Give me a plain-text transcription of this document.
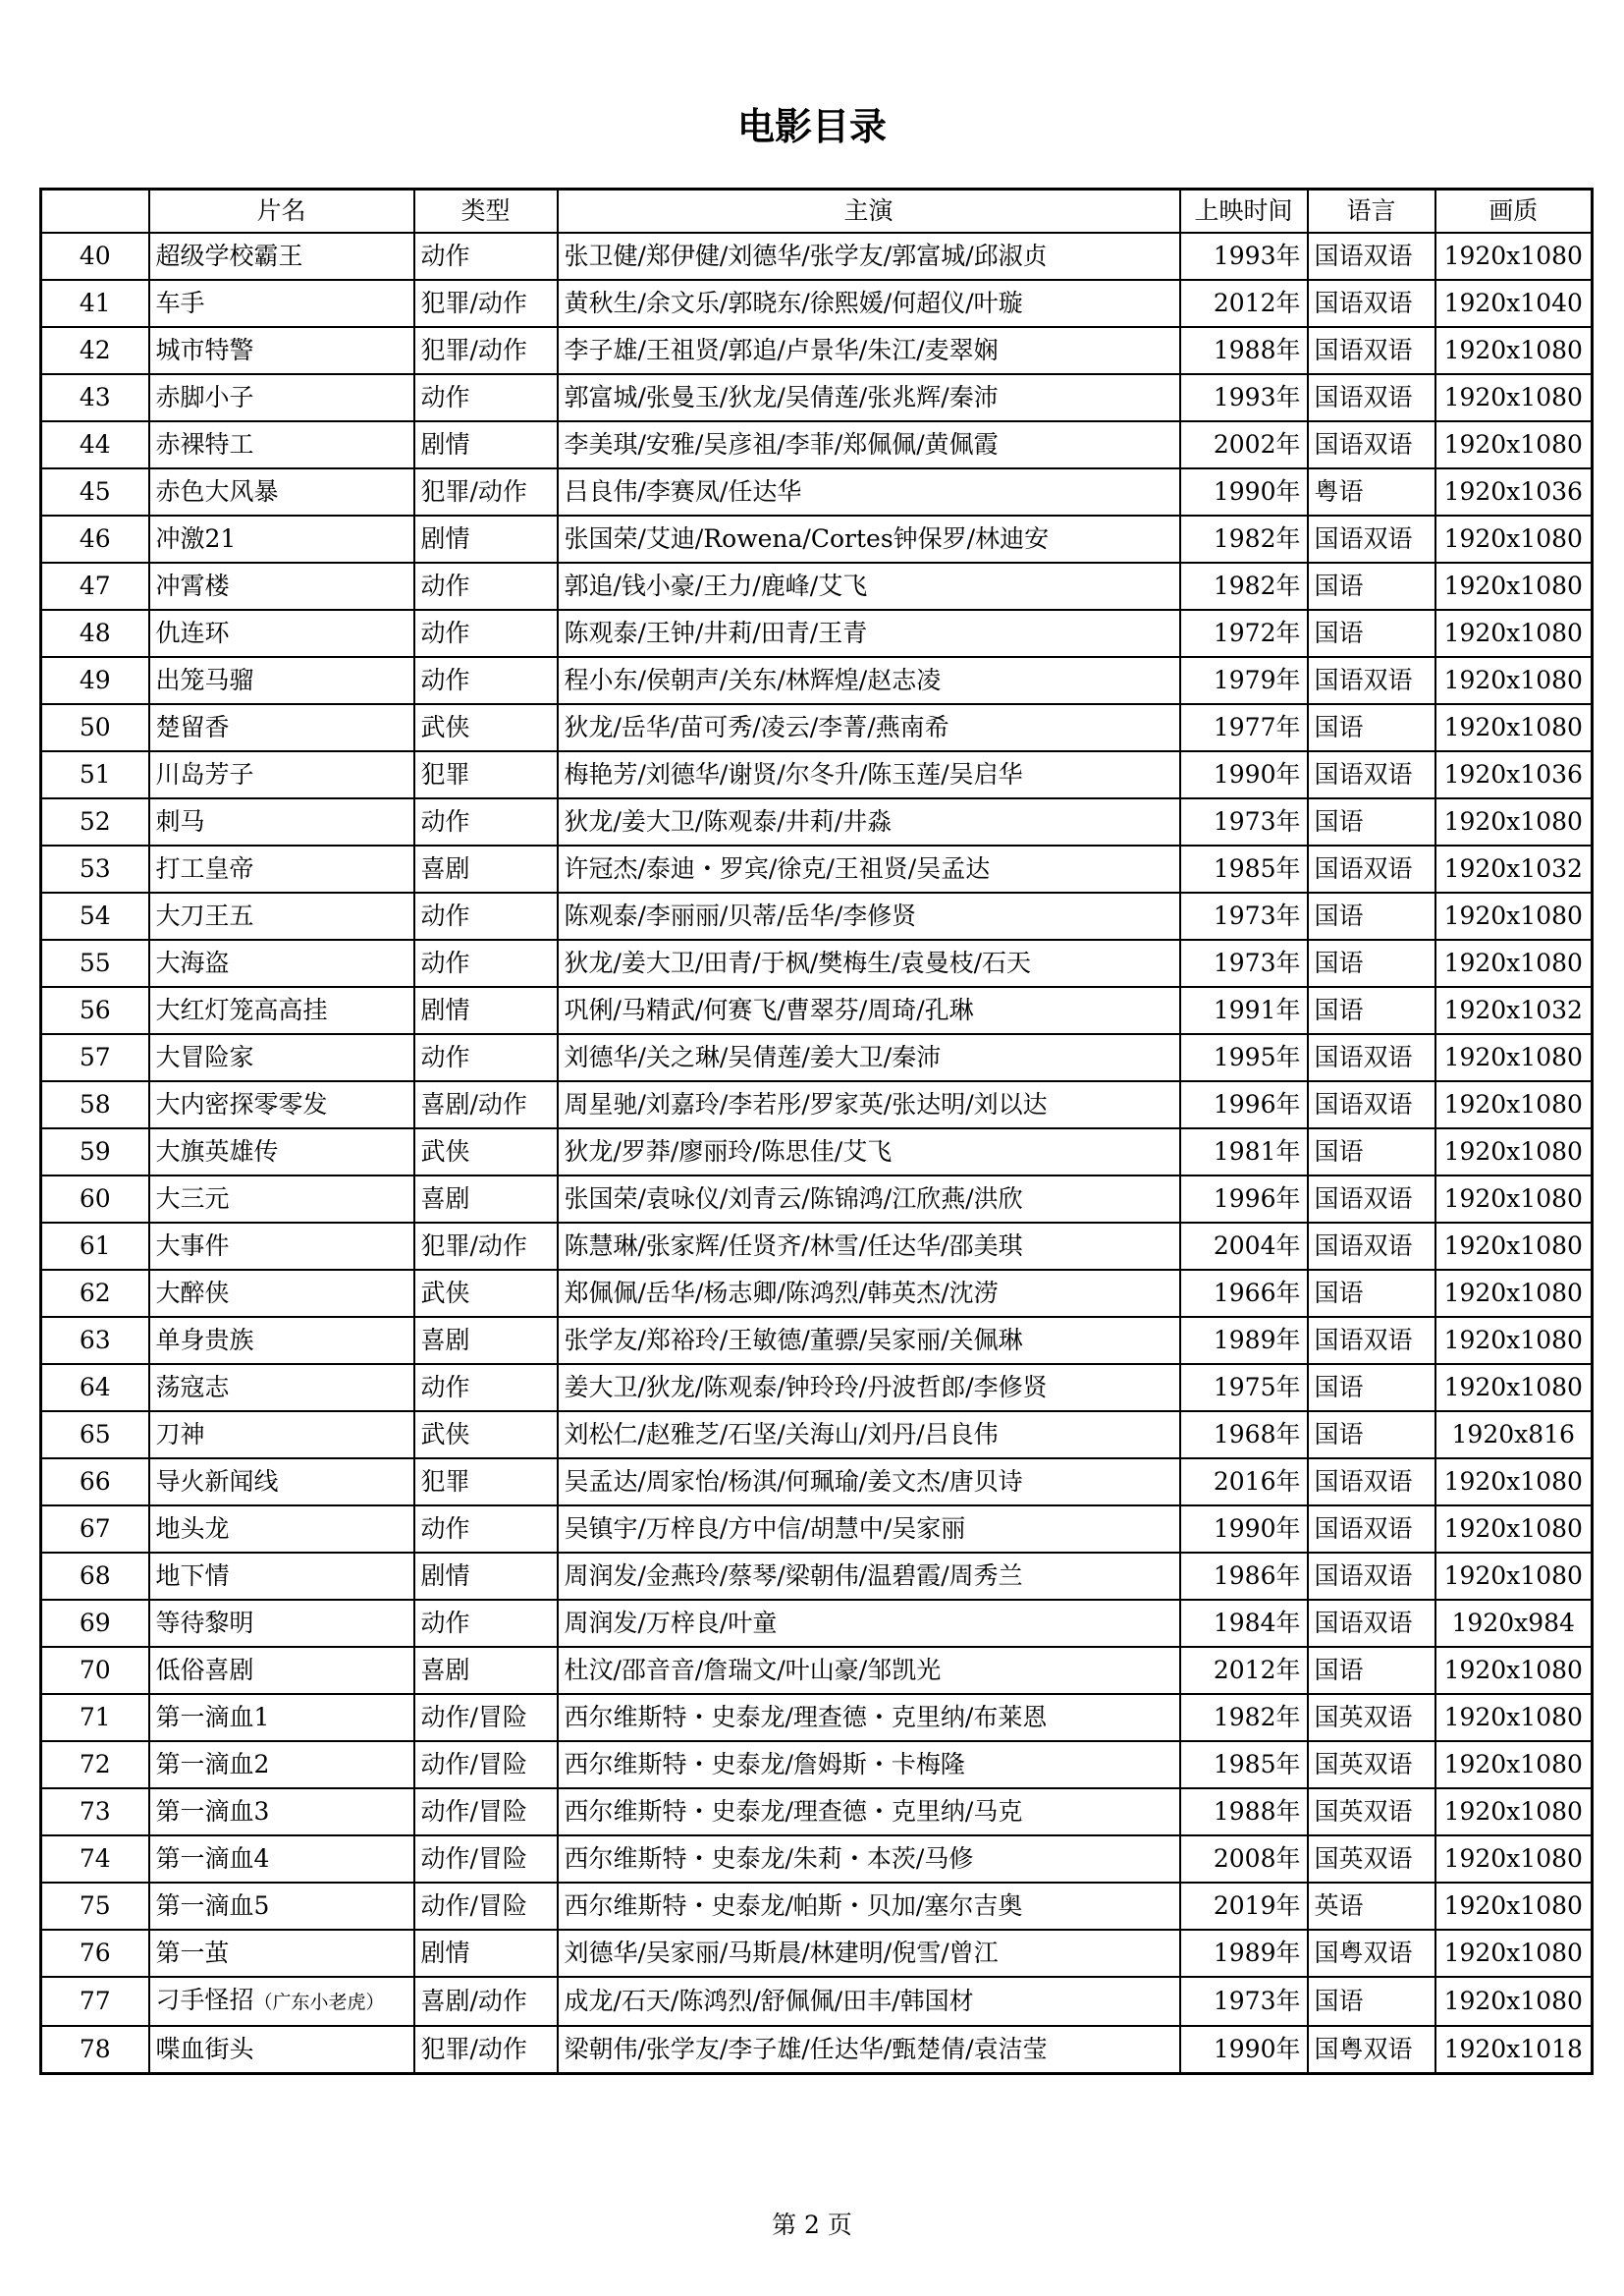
电影目录
	片名	类型	主演	上映时间	语言	画质
40	超级学校霸王	动作	张卫健/郑伊健/刘德华/张学友/郭富城/邱淑贞	1993年	国语双语	1920x1080
41	车手	犯罪/动作	黄秋生/余文乐/郭晓东/徐熙媛/何超仪/叶璇	2012年	国语双语	1920x1040
42	城市特警	犯罪/动作	李子雄/王祖贤/郭追/卢景华/朱江/麦翠娴	1988年	国语双语	1920x1080
43	赤脚小子	动作	郭富城/张曼玉/狄龙/吴倩莲/张兆辉/秦沛	1993年	国语双语	1920x1080
44	赤裸特工	剧情	李美琪/安雅/吴彦祖/李菲/郑佩佩/黄佩霞	2002年	国语双语	1920x1080
45	赤色大风暴	犯罪/动作	吕良伟/李赛凤/任达华	1990年	粤语	1920x1036
46	冲激21	剧情	张国荣/艾迪/Rowena/Cortes钟保罗/林迪安	1982年	国语双语	1920x1080
47	冲霄楼	动作	郭追/钱小豪/王力/鹿峰/艾飞	1982年	国语	1920x1080
48	仇连环	动作	陈观泰/王钟/井莉/田青/王青	1972年	国语	1920x1080
49	出笼马骝	动作	程小东/侯朝声/关东/林辉煌/赵志凌	1979年	国语双语	1920x1080
50	楚留香	武侠	狄龙/岳华/苗可秀/凌云/李菁/燕南希	1977年	国语	1920x1080
51	川岛芳子	犯罪	梅艳芳/刘德华/谢贤/尔冬升/陈玉莲/吴启华	1990年	国语双语	1920x1036
52	刺马	动作	狄龙/姜大卫/陈观泰/井莉/井淼	1973年	国语	1920x1080
53	打工皇帝	喜剧	许冠杰/泰迪・罗宾/徐克/王祖贤/吴孟达	1985年	国语双语	1920x1032
54	大刀王五	动作	陈观泰/李丽丽/贝蒂/岳华/李修贤	1973年	国语	1920x1080
55	大海盗	动作	狄龙/姜大卫/田青/于枫/樊梅生/袁曼枝/石天	1973年	国语	1920x1080
56	大红灯笼高高挂	剧情	巩俐/马精武/何赛飞/曹翠芬/周琦/孔琳	1991年	国语	1920x1032
57	大冒险家	动作	刘德华/关之琳/吴倩莲/姜大卫/秦沛	1995年	国语双语	1920x1080
58	大内密探零零发	喜剧/动作	周星驰/刘嘉玲/李若彤/罗家英/张达明/刘以达	1996年	国语双语	1920x1080
59	大旗英雄传	武侠	狄龙/罗莽/廖丽玲/陈思佳/艾飞	1981年	国语	1920x1080
60	大三元	喜剧	张国荣/袁咏仪/刘青云/陈锦鸿/江欣燕/洪欣	1996年	国语双语	1920x1080
61	大事件	犯罪/动作	陈慧琳/张家辉/任贤齐/林雪/任达华/邵美琪	2004年	国语双语	1920x1080
62	大醉侠	武侠	郑佩佩/岳华/杨志卿/陈鸿烈/韩英杰/沈涝	1966年	国语	1920x1080
63	单身贵族	喜剧	张学友/郑裕玲/王敏德/董骠/吴家丽/关佩琳	1989年	国语双语	1920x1080
64	荡寇志	动作	姜大卫/狄龙/陈观泰/钟玲玲/丹波哲郎/李修贤	1975年	国语	1920x1080
65	刀神	武侠	刘松仁/赵雅芝/石坚/关海山/刘丹/吕良伟	1968年	国语	1920x816
66	导火新闻线	犯罪	吴孟达/周家怡/杨淇/何珮瑜/姜文杰/唐贝诗	2016年	国语双语	1920x1080
67	地头龙	动作	吴镇宇/万梓良/方中信/胡慧中/吴家丽	1990年	国语双语	1920x1080
68	地下情	剧情	周润发/金燕玲/蔡琴/梁朝伟/温碧霞/周秀兰	1986年	国语双语	1920x1080
69	等待黎明	动作	周润发/万梓良/叶童	1984年	国语双语	1920x984
70	低俗喜剧	喜剧	杜汶/邵音音/詹瑞文/叶山豪/邹凯光	2012年	国语	1920x1080
71	第一滴血1	动作/冒险	西尔维斯特・史泰龙/理查德・克里纳/布莱恩	1982年	国英双语	1920x1080
72	第一滴血2	动作/冒险	西尔维斯特・史泰龙/詹姆斯・卡梅隆	1985年	国英双语	1920x1080
73	第一滴血3	动作/冒险	西尔维斯特・史泰龙/理查德・克里纳/马克	1988年	国英双语	1920x1080
74	第一滴血4	动作/冒险	西尔维斯特・史泰龙/朱莉・本茨/马修	2008年	国英双语	1920x1080
75	第一滴血5	动作/冒险	西尔维斯特・史泰龙/帕斯・贝加/塞尔吉奥	2019年	英语	1920x1080
76	第一茧	剧情	刘德华/吴家丽/马斯晨/林建明/倪雪/曾江	1989年	国粤双语	1920x1080
77	刁手怪招（广东小老虎）	喜剧/动作	成龙/石天/陈鸿烈/舒佩佩/田丰/韩国材	1973年	国语	1920x1080
78	喋血街头	犯罪/动作	梁朝伟/张学友/李子雄/任达华/甄楚倩/袁洁莹	1990年	国粤双语	1920x1018
第 2 页
